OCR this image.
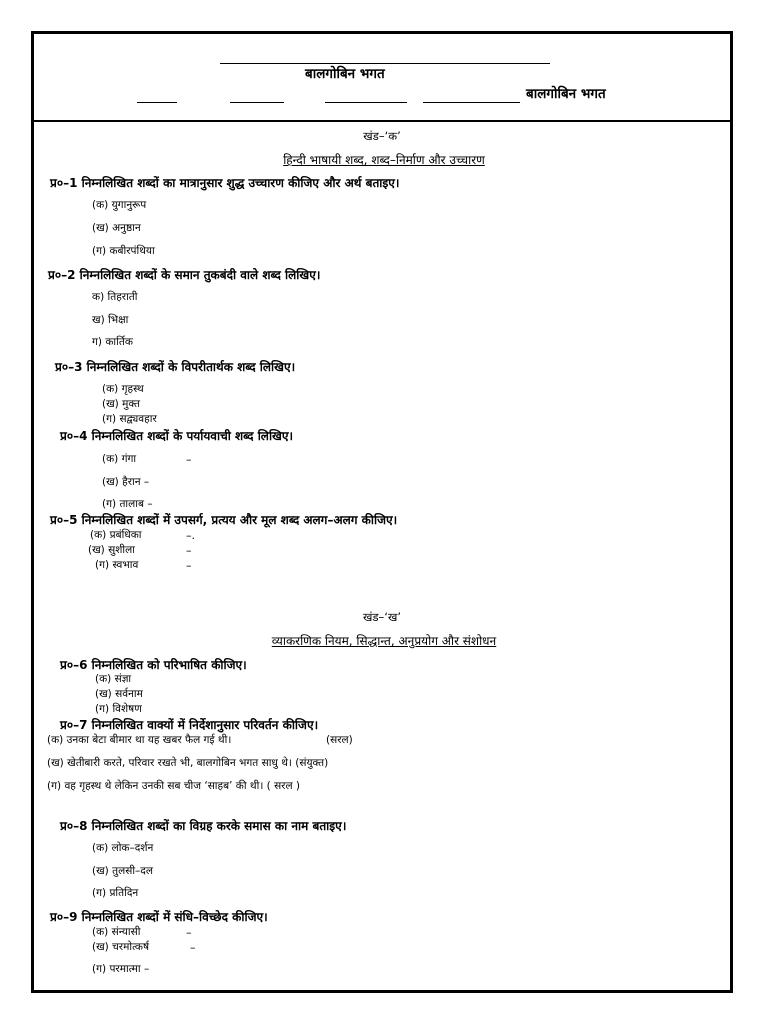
बालगोबिन भगत
बालगोबिन भगत
खंड–‘क’
हिन्दी भाषायी शब्द, शब्द–निर्माण और उच्चारण
प्र०–1 निम्नलिखित शब्दों का मात्रानुसार शुद्ध उच्चारण कीजिए और अर्थ बताइए।
(क) युगानुरूप
(ख) अनुष्ठान
(ग) कबीरपंथिया
प्र०–2 निम्नलिखित शब्दों के समान तुकबंदी वाले शब्द लिखिए।
क) तिहराती
ख) भिक्षा
ग) कार्तिक
प्र०–3 निम्नलिखित शब्दों के विपरीतार्थक शब्द लिखिए।
(क) गृहस्थ
(ख) मुक्त
(ग) सद्व्यवहार
प्र०–4 निम्नलिखित शब्दों के पर्यायवाची शब्द लिखिए।
(क) गंगा	–
(ख) हैरान –
(ग) तालाब –
प्र०–5 निम्नलिखित शब्दों में उपसर्ग, प्रत्यय और मूल शब्द अलग–अलग कीजिए।
(क) प्रबंधिका	–.
(ख) सुशीला	–
(ग) स्वभाव	–
खंड–‘ख’
व्याकरणिक नियम, सिद्धान्त, अनुप्रयोग और संशोधन
प्र०–6 निम्नलिखित को परिभाषित कीजिए।
(क) संज्ञा
(ख) सर्वनाम
(ग) विशेषण
प्र०–7 निम्नलिखित वाक्यों में निर्देशानुसार परिवर्तन कीजिए।
(क) उनका बेटा बीमार था यह खबर फैल गई थी।	(सरल)
(ख) खेतीबारी करते, परिवार रखते भी, बालगोबिन भगत साधु थे। (संयुक्त)
(ग) वह गृहस्थ थे लेकिन उनकी सब चीज ‘साहब’ की थी। ( सरल )
प्र०–8 निम्नलिखित शब्दों का विग्रह करके समास का नाम बताइए।
(क) लोक–दर्शन
(ख) तुलसी–दल
(ग) प्रतिदिन
प्र०–9 निम्नलिखित शब्दों में संधि–विच्छेद कीजिए।
(क) संन्यासी	–
(ख) चरमोत्कर्ष	–
(ग) परमात्मा –
